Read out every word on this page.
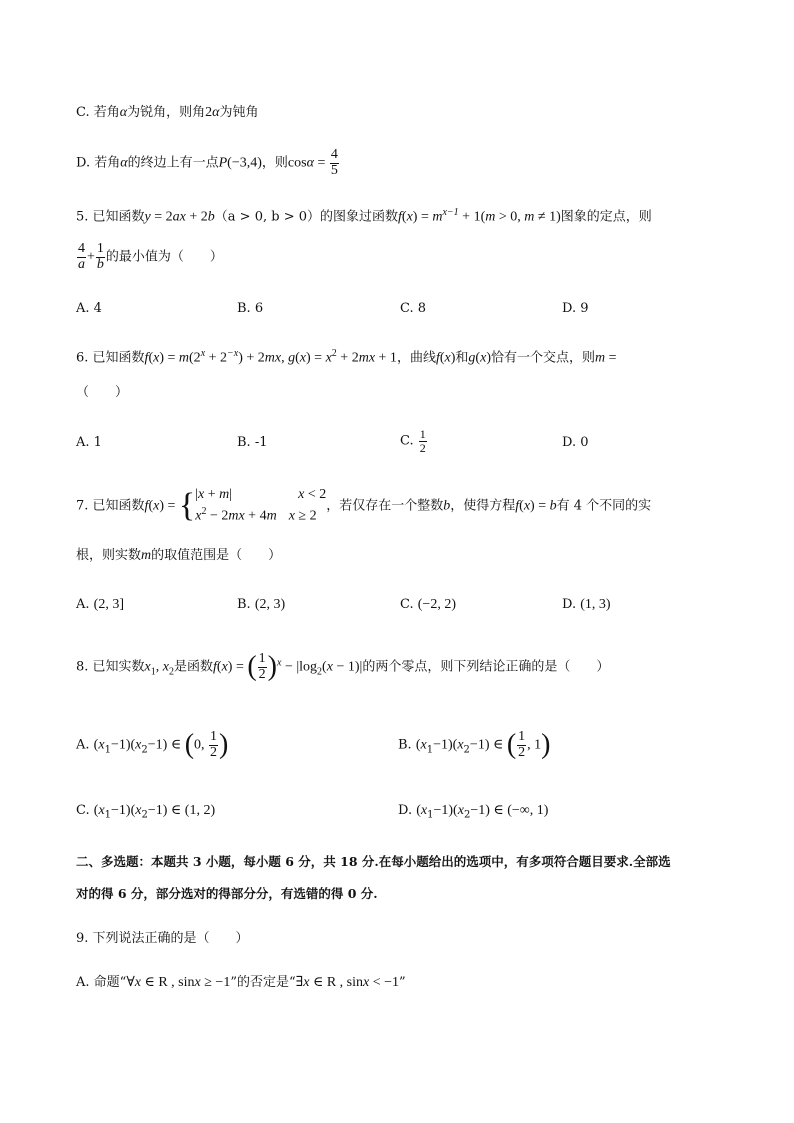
C. 若角α为锐角，则角2α为钝角
D. 若角α的终边上有一点P(−3,4)，则$\cos\alpha = \frac{4}{5}$
5. 已知函数y = 2ax + 2b（a > 0, b > 0）的图象过函数$f(x) = m^{x-1} + 1(m > 0$, m ≠ 1)图象的定点，则
$\frac{4}{a} + \frac{1}{b}$ 的最小值为（　　）
A. 4	B. 6	C. 8	D. 9
6. 已知函数$f(x) = m(2^x + 2^{-x}) + 2mx$, $g(x) = x^2 + 2mx + 1$，曲线f(x)和g(x)恰有一个交点，则m =
（　　）
A. 1	B. -1	C. $\frac{1}{2}$	D. 0
7. 已知函数f(x) = {|x + m|	x < 2
$x^2 - 2mx + 4m$ x ≥ 2，若仅存在一个整数b，使得方程f(x) = b有 4 个不同的实
根，则实数m的取值范围是（　　）
A. (2, 3]	B. (2, 3)	C. (−2, 2)	D. (1, 3)
8. 已知实数$x_1$, $x_2$是函数f(x) = ( $\frac{1}{2} )^x - |\log_2(x - 1)|$的两个零点，则下列结论正确的是（　　）
A. $(x_1-1)(x_2-1)$ ∈ (0, $\frac{1}{2}$ )	B. $(x_1-1)(x_2-1)$ ∈ ( $\frac{1}{2}$ , 1)
C. $(x_1-1)(x_2-1)$ ∈ (1, 2)	D. $(x_1-1)(x_2-1)$ ∈ (−∞, 1)
二、多选题：本题共 3 小题，每小题 6 分，共 18 分.在每小题给出的选项中，有多项符合题目要求.全部选
对的得 6 分，部分选对的得部分分，有选错的得 0 分.
9. 下列说法正确的是（　　）
A. 命题“∀x ∈ R , sinx ≥ −1”的否定是“∃x ∈ R , sinx < −1”
